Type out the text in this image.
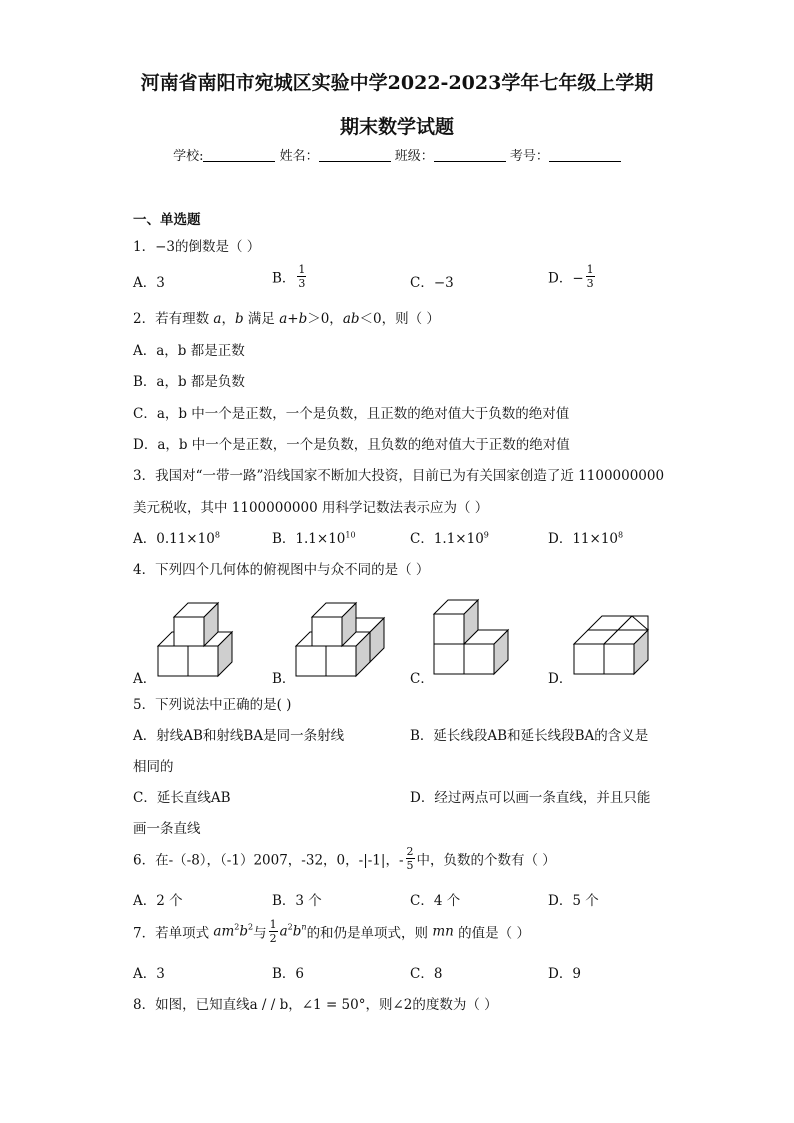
河南省南阳市宛城区实验中学2022-2023学年七年级上学期
期末数学试题
学校:	姓名：	班级：	考号：
一、单选题
1．−3的倒数是（ ）
A．3	B． $\frac{1}{3}$	C．−3	D．− $\frac{1}{3}$
2．若有理数 a，b 满足 a+b＞0，ab＜0，则（ ）
A．a，b 都是正数
B．a，b 都是负数
C．a，b 中一个是正数，一个是负数，且正数的绝对值大于负数的绝对值
D．a，b 中一个是正数，一个是负数，且负数的绝对值大于正数的绝对值
3．我国对“一带一路”沿线国家不断加大投资，目前已为有关国家创造了近 1100000000
美元税收，其中 1100000000 用科学记数法表示应为（ ）
A．$0.11\times 10^8$	B．$1.1\times 10^{10}$	C．$1.1\times 10^9$	D．$11\times 10^8$
4．下列四个几何体的俯视图中与众不同的是（ ）
A．	B．	C．	D．
5．下列说法中正确的是( )
A．射线AB和射线BA是同一条射线	B．延长线段AB和延长线段BA的含义是
相同的
C．延长直线AB	D．经过两点可以画一条直线，并且只能
画一条直线
6．在-（-8），（-1）2007，-32，0，-|-1|，- $\frac{2}{5}$ 中，负数的个数有（ ）
A．2 个	B．3 个	C．4 个	D．5 个
7．若单项式 $am^2b^2$与 $\frac{1}{2} a^2b^n$的和仍是单项式，则 mn 的值是（ ）
A．3	B．6	C．8	D．9
8．如图，已知直线a / / b，∠1 = 50°，则∠2的度数为（ ）
